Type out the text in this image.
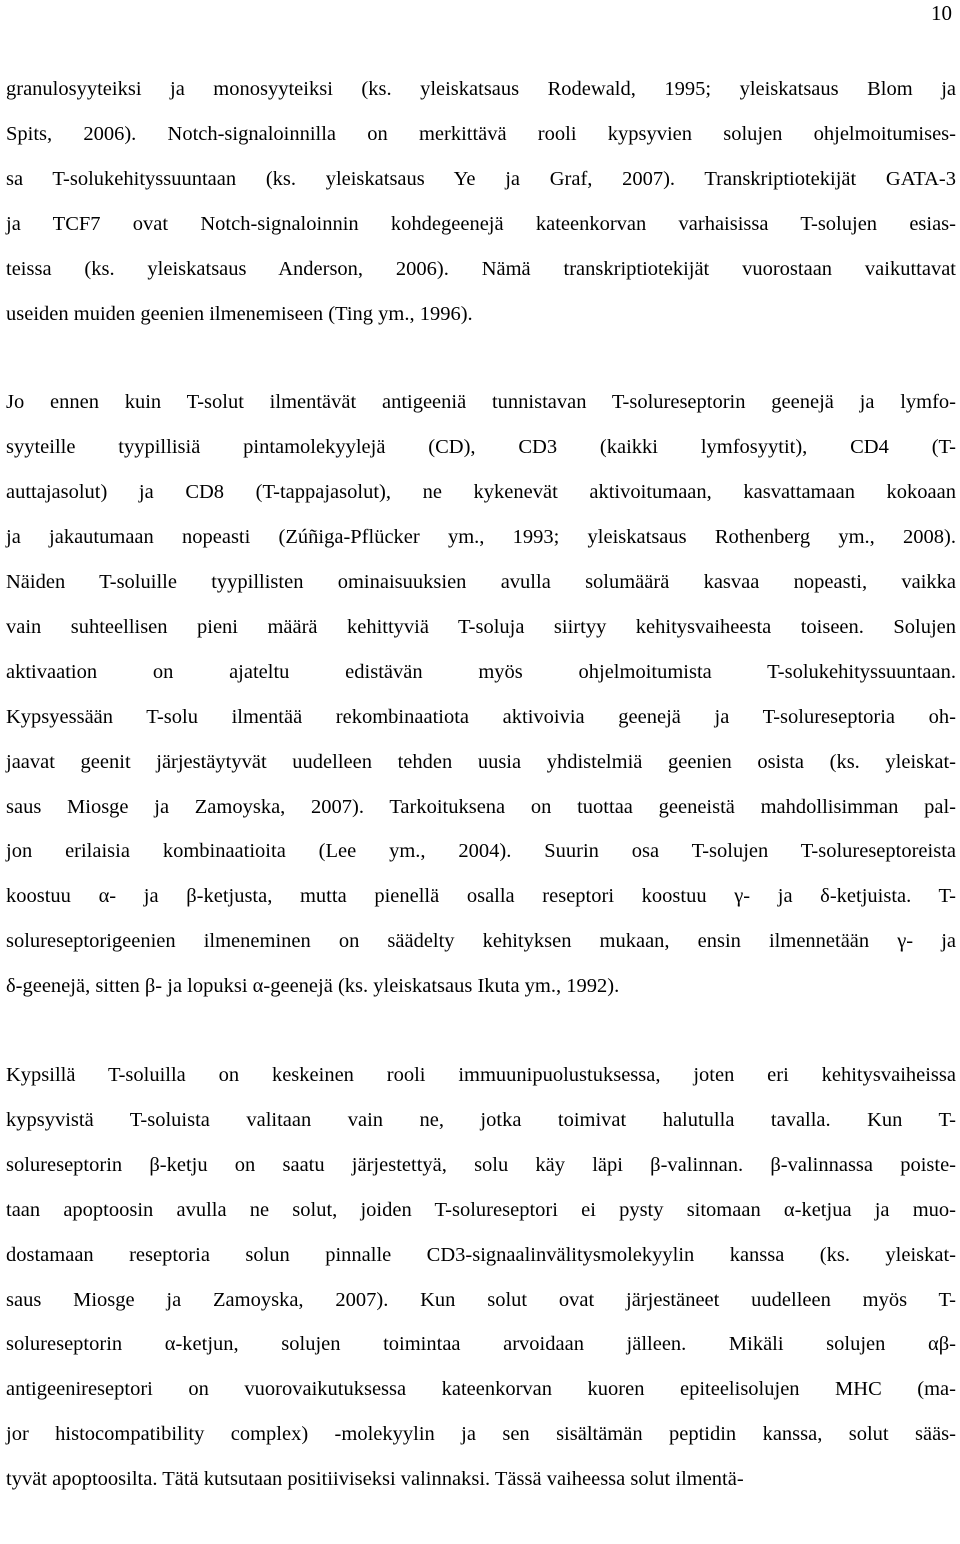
10
granulosyyteiksi ja monosyyteiksi (ks. yleiskatsaus Rodewald, 1995; yleiskatsaus Blom ja
Spits, 2006). Notch-signaloinnilla on merkittävä rooli kypsyvien solujen ohjelmoitumises-
sa T-solukehityssuuntaan (ks. yleiskatsaus Ye ja Graf, 2007). Transkriptiotekijät GATA-3
ja TCF7 ovat Notch-signaloinnin kohdegeenejä kateenkorvan varhaisissa T-solujen esias-
teissa (ks. yleiskatsaus Anderson, 2006). Nämä transkriptiotekijät vuorostaan vaikuttavat
useiden muiden geenien ilmenemiseen (Ting ym., 1996).
Jo ennen kuin T-solut ilmentävät antigeeniä tunnistavan T-solureseptorin geenejä ja lymfo-
syyteille tyypillisiä pintamolekyylejä (CD), CD3 (kaikki lymfosyytit), CD4 (T-
auttajasolut) ja CD8 (T-tappajasolut), ne kykenevät aktivoitumaan, kasvattamaan kokoaan
ja jakautumaan nopeasti (Zúñiga-Pflücker ym., 1993; yleiskatsaus Rothenberg ym., 2008).
Näiden T-soluille tyypillisten ominaisuuksien avulla solumäärä kasvaa nopeasti, vaikka
vain suhteellisen pieni määrä kehittyviä T-soluja siirtyy kehitysvaiheesta toiseen. Solujen
aktivaation on ajateltu edistävän myös ohjelmoitumista T-solukehityssuuntaan.
Kypsyessään T-solu ilmentää rekombinaatiota aktivoivia geenejä ja T-solureseptoria oh-
jaavat geenit järjestäytyvät uudelleen tehden uusia yhdistelmiä geenien osista (ks. yleiskat-
saus Miosge ja Zamoyska, 2007). Tarkoituksena on tuottaa geeneistä mahdollisimman pal-
jon erilaisia kombinaatioita (Lee ym., 2004). Suurin osa T-solujen T-solureseptoreista
koostuu α- ja β-ketjusta, mutta pienellä osalla reseptori koostuu γ- ja δ-ketjuista. T-
solureseptorigeenien ilmeneminen on säädelty kehityksen mukaan, ensin ilmennetään γ- ja
δ-geenejä, sitten β- ja lopuksi α-geenejä (ks. yleiskatsaus Ikuta ym., 1992).
Kypsillä T-soluilla on keskeinen rooli immuunipuolustuksessa, joten eri kehitysvaiheissa
kypsyvistä T-soluista valitaan vain ne, jotka toimivat halutulla tavalla. Kun T-
solureseptorin β-ketju on saatu järjestettyä, solu käy läpi β-valinnan. β-valinnassa poiste-
taan apoptoosin avulla ne solut, joiden T-solureseptori ei pysty sitomaan α-ketjua ja muo-
dostamaan reseptoria solun pinnalle CD3-signaalinvälitysmolekyylin kanssa (ks. yleiskat-
saus Miosge ja Zamoyska, 2007). Kun solut ovat järjestäneet uudelleen myös T-
solureseptorin α-ketjun, solujen toimintaa arvoidaan jälleen. Mikäli solujen αβ-
antigeenireseptori on vuorovaikutuksessa kateenkorvan kuoren epiteelisolujen MHC (ma-
jor histocompatibility complex) -molekyylin ja sen sisältämän peptidin kanssa, solut sääs-
tyvät apoptoosilta. Tätä kutsutaan positiiviseksi valinnaksi. Tässä vaiheessa solut ilmentä-
